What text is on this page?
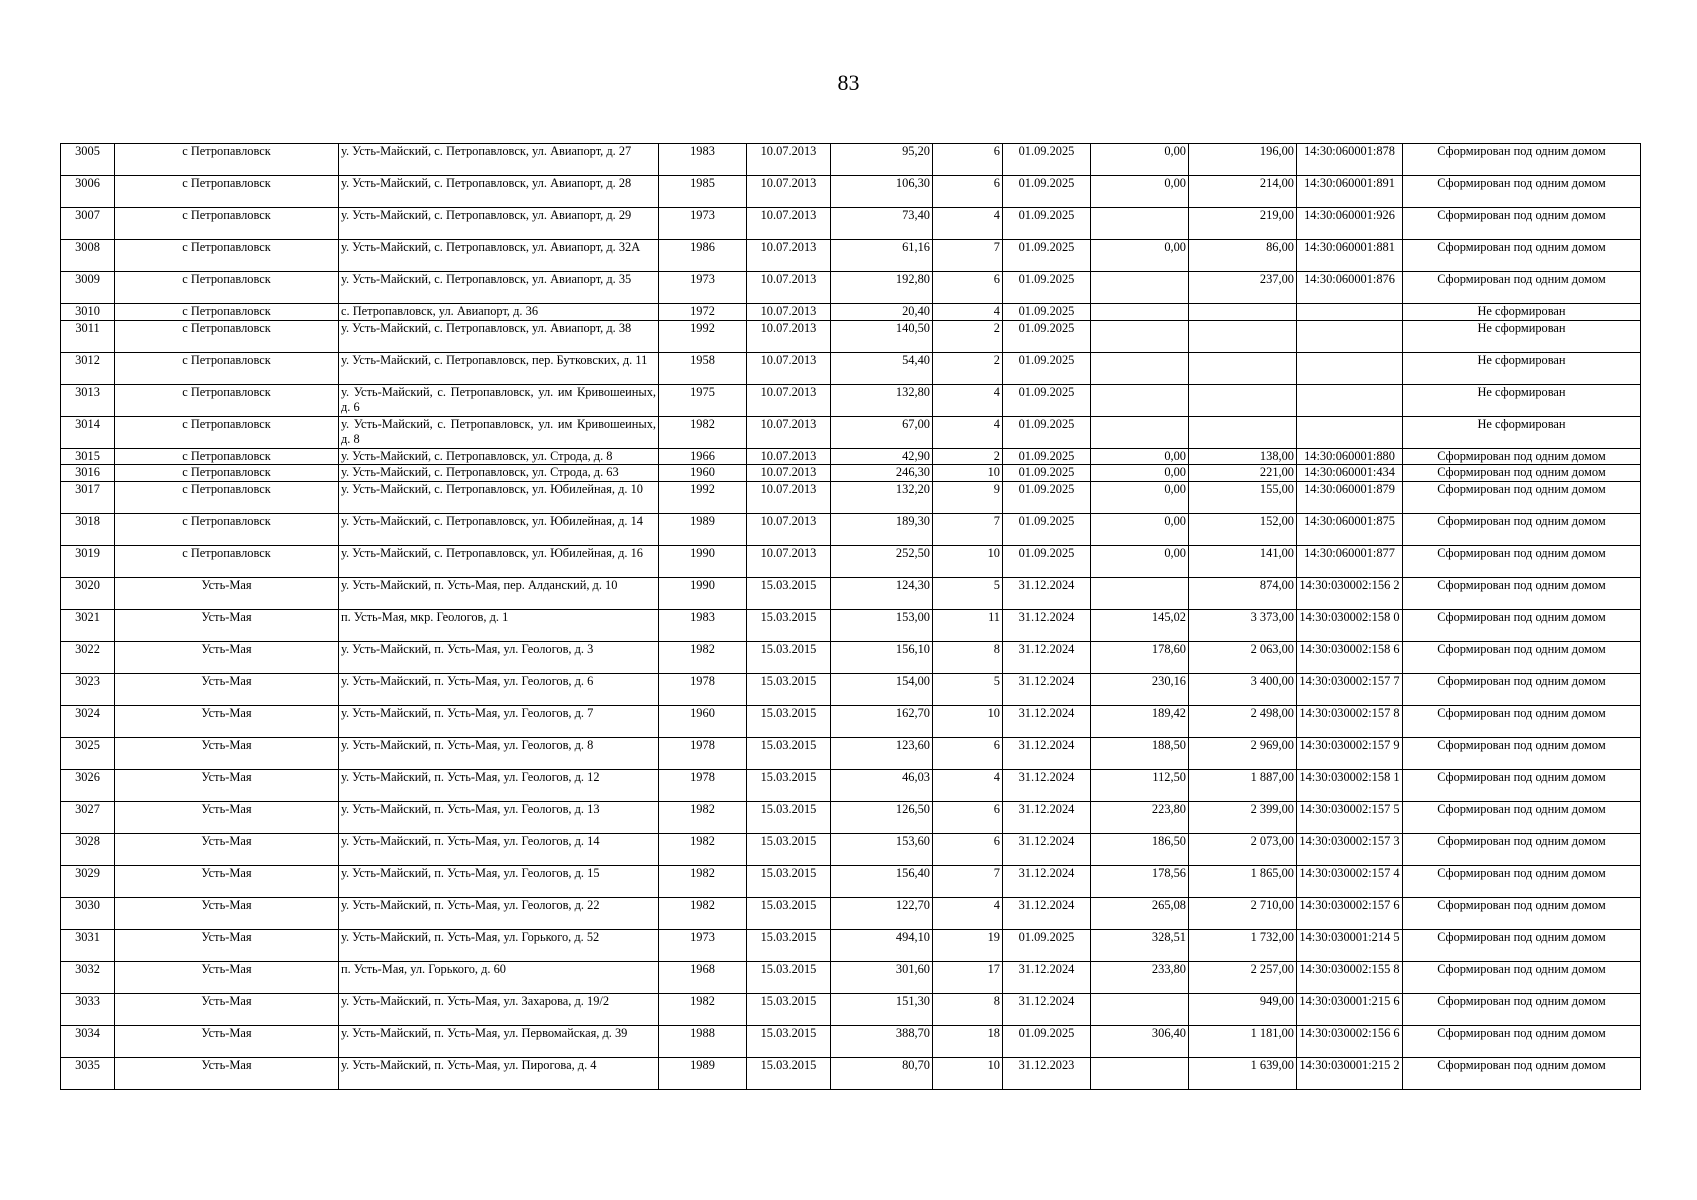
83
3005	с Петропавловск	у. Усть-Майский, с. Петропавловск, ул. Авиапорт, д. 27	1983	10.07.2013	95,20	6	01.09.2025	0,00	196,00	14:30:060001:878	Сформирован под одним домом
3006	с Петропавловск	у. Усть-Майский, с. Петропавловск, ул. Авиапорт, д. 28	1985	10.07.2013	106,30	6	01.09.2025	0,00	214,00	14:30:060001:891	Сформирован под одним домом
3007	с Петропавловск	у. Усть-Майский, с. Петропавловск, ул. Авиапорт, д. 29	1973	10.07.2013	73,40	4	01.09.2025		219,00	14:30:060001:926	Сформирован под одним домом
3008	с Петропавловск	у. Усть-Майский, с. Петропавловск, ул. Авиапорт, д. 32А	1986	10.07.2013	61,16	7	01.09.2025	0,00	86,00	14:30:060001:881	Сформирован под одним домом
3009	с Петропавловск	у. Усть-Майский, с. Петропавловск, ул. Авиапорт, д. 35	1973	10.07.2013	192,80	6	01.09.2025		237,00	14:30:060001:876	Сформирован под одним домом
3010	с Петропавловск	с. Петропавловск, ул. Авиапорт, д. 36	1972	10.07.2013	20,40	4	01.09.2025				Не сформирован
3011	с Петропавловск	у. Усть-Майский, с. Петропавловск, ул. Авиапорт, д. 38	1992	10.07.2013	140,50	2	01.09.2025				Не сформирован
3012	с Петропавловск	у. Усть-Майский, с. Петропавловск, пер. Бутковских, д. 11	1958	10.07.2013	54,40	2	01.09.2025				Не сформирован
3013	с Петропавловск	у. Усть-Майский, с. Петропавловск, ул. им Кривошеиных, д. 6	1975	10.07.2013	132,80	4	01.09.2025				Не сформирован
3014	с Петропавловск	у. Усть-Майский, с. Петропавловск, ул. им Кривошеиных, д. 8	1982	10.07.2013	67,00	4	01.09.2025				Не сформирован
3015	с Петропавловск	у. Усть-Майский, с. Петропавловск, ул. Строда, д. 8	1966	10.07.2013	42,90	2	01.09.2025	0,00	138,00	14:30:060001:880	Сформирован под одним домом
3016	с Петропавловск	у. Усть-Майский, с. Петропавловск, ул. Строда, д. 63	1960	10.07.2013	246,30	10	01.09.2025	0,00	221,00	14:30:060001:434	Сформирован под одним домом
3017	с Петропавловск	у. Усть-Майский, с. Петропавловск, ул. Юбилейная, д. 10	1992	10.07.2013	132,20	9	01.09.2025	0,00	155,00	14:30:060001:879	Сформирован под одним домом
3018	с Петропавловск	у. Усть-Майский, с. Петропавловск, ул. Юбилейная, д. 14	1989	10.07.2013	189,30	7	01.09.2025	0,00	152,00	14:30:060001:875	Сформирован под одним домом
3019	с Петропавловск	у. Усть-Майский, с. Петропавловск, ул. Юбилейная, д. 16	1990	10.07.2013	252,50	10	01.09.2025	0,00	141,00	14:30:060001:877	Сформирован под одним домом
3020	Усть-Мая	у. Усть-Майский, п. Усть-Мая, пер. Алданский, д. 10	1990	15.03.2015	124,30	5	31.12.2024		874,00	14:30:030002:156 2	Сформирован под одним домом
3021	Усть-Мая	п. Усть-Мая, мкр. Геологов, д. 1	1983	15.03.2015	153,00	11	31.12.2024	145,02	3 373,00	14:30:030002:158 0	Сформирован под одним домом
3022	Усть-Мая	у. Усть-Майский, п. Усть-Мая, ул. Геологов, д. 3	1982	15.03.2015	156,10	8	31.12.2024	178,60	2 063,00	14:30:030002:158 6	Сформирован под одним домом
3023	Усть-Мая	у. Усть-Майский, п. Усть-Мая, ул. Геологов, д. 6	1978	15.03.2015	154,00	5	31.12.2024	230,16	3 400,00	14:30:030002:157 7	Сформирован под одним домом
3024	Усть-Мая	у. Усть-Майский, п. Усть-Мая, ул. Геологов, д. 7	1960	15.03.2015	162,70	10	31.12.2024	189,42	2 498,00	14:30:030002:157 8	Сформирован под одним домом
3025	Усть-Мая	у. Усть-Майский, п. Усть-Мая, ул. Геологов, д. 8	1978	15.03.2015	123,60	6	31.12.2024	188,50	2 969,00	14:30:030002:157 9	Сформирован под одним домом
3026	Усть-Мая	у. Усть-Майский, п. Усть-Мая, ул. Геологов, д. 12	1978	15.03.2015	46,03	4	31.12.2024	112,50	1 887,00	14:30:030002:158 1	Сформирован под одним домом
3027	Усть-Мая	у. Усть-Майский, п. Усть-Мая, ул. Геологов, д. 13	1982	15.03.2015	126,50	6	31.12.2024	223,80	2 399,00	14:30:030002:157 5	Сформирован под одним домом
3028	Усть-Мая	у. Усть-Майский, п. Усть-Мая, ул. Геологов, д. 14	1982	15.03.2015	153,60	6	31.12.2024	186,50	2 073,00	14:30:030002:157 3	Сформирован под одним домом
3029	Усть-Мая	у. Усть-Майский, п. Усть-Мая, ул. Геологов, д. 15	1982	15.03.2015	156,40	7	31.12.2024	178,56	1 865,00	14:30:030002:157 4	Сформирован под одним домом
3030	Усть-Мая	у. Усть-Майский, п. Усть-Мая, ул. Геологов, д. 22	1982	15.03.2015	122,70	4	31.12.2024	265,08	2 710,00	14:30:030002:157 6	Сформирован под одним домом
3031	Усть-Мая	у. Усть-Майский, п. Усть-Мая, ул. Горького, д. 52	1973	15.03.2015	494,10	19	01.09.2025	328,51	1 732,00	14:30:030001:214 5	Сформирован под одним домом
3032	Усть-Мая	п. Усть-Мая, ул. Горького, д. 60	1968	15.03.2015	301,60	17	31.12.2024	233,80	2 257,00	14:30:030002:155 8	Сформирован под одним домом
3033	Усть-Мая	у. Усть-Майский, п. Усть-Мая, ул. Захарова, д. 19/2	1982	15.03.2015	151,30	8	31.12.2024		949,00	14:30:030001:215 6	Сформирован под одним домом
3034	Усть-Мая	у. Усть-Майский, п. Усть-Мая, ул. Первомайская, д. 39	1988	15.03.2015	388,70	18	01.09.2025	306,40	1 181,00	14:30:030002:156 6	Сформирован под одним домом
3035	Усть-Мая	у. Усть-Майский, п. Усть-Мая, ул. Пирогова, д. 4	1989	15.03.2015	80,70	10	31.12.2023		1 639,00	14:30:030001:215 2	Сформирован под одним домом
